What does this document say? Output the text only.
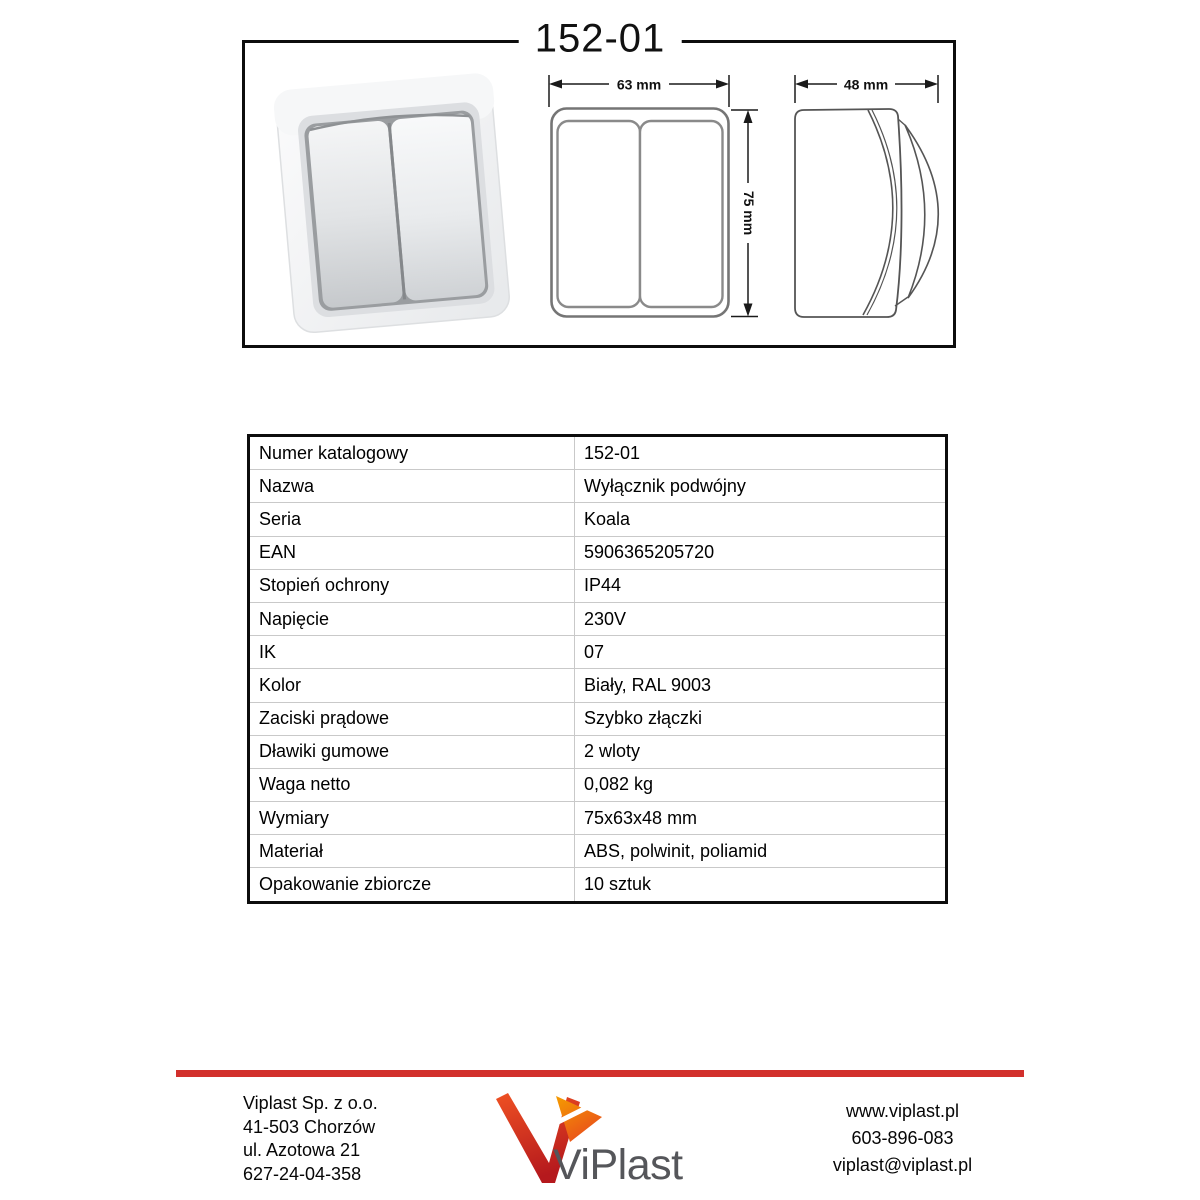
152-01
63 mm
75 mm
48 mm
Numer katalogowy	152-01
Nazwa	Wyłącznik podwójny
Seria	Koala
EAN	5906365205720
Stopień ochrony	IP44
Napięcie	230V
IK	07
Kolor	Biały, RAL 9003
Zaciski prądowe	Szybko złączki
Dławiki gumowe	2 wloty
Waga netto	0,082 kg
Wymiary	75x63x48 mm
Materiał	ABS, polwinit, poliamid
Opakowanie zbiorcze	10 sztuk
Viplast Sp. z o.o.
41-503 Chorzów
ul. Azotowa 21
627-24-04-358	ViPlast
www.viplast.pl
603-896-083
viplast@viplast.pl
